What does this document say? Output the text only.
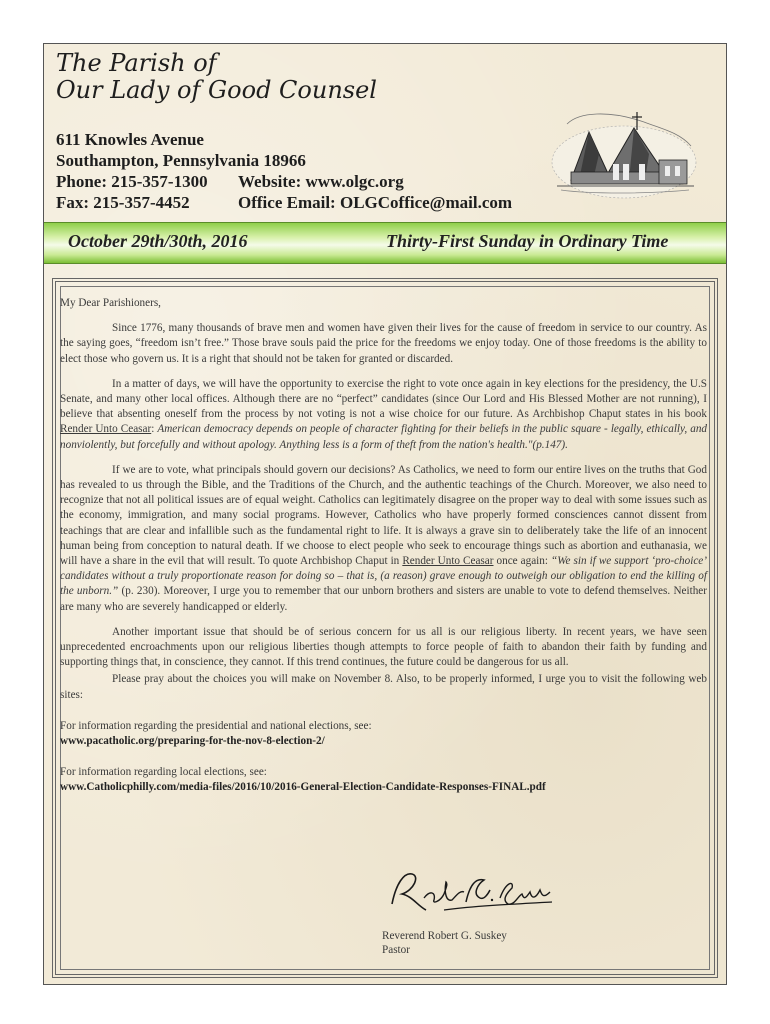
The Parish of
Our Lady of Good Counsel
611 Knowles Avenue
Southampton, Pennsylvania 18966
Phone: 215-357-1300 Website: www.olgc.org
Fax: 215-357-4452	Office Email: OLGCoffice@mail.com
October 29th/30th, 2016	Thirty-First Sunday in Ordinary Time

My Dear Parishioners,

Since 1776, many thousands of brave men and women have given their lives for the cause of freedom in service to our country. As the saying goes, “freedom isn’t free.” Those brave souls paid the price for the freedoms we enjoy today. One of those freedoms is the ability to elect those who govern us. It is a right that should not be taken for granted or discarded.

In a matter of days, we will have the opportunity to exercise the right to vote once again in key elections for the presidency, the U.S Senate, and many other local offices. Although there are no “perfect” candidates (since Our Lord and His Blessed Mother are not running), I believe that absenting oneself from the process by not voting is not a wise choice for our future. As Archbishop Chaput states in his book Render Unto Ceasar: American democracy depends on people of character fighting for their beliefs in the public square - legally, ethically, and nonviolently, but forcefully and without apology. Anything less is a form of theft from the nation's health."(p.147).

If we are to vote, what principals should govern our decisions? As Catholics, we need to form our entire lives on the truths that God has revealed to us through the Bible, and the Traditions of the Church, and the authentic teachings of the Church. Moreover, we also need to recognize that not all political issues are of equal weight. Catholics can legitimately disagree on the proper way to deal with some issues such as the economy, immigration, and many social programs. However, Catholics who have properly formed consciences cannot dissent from teachings that are clear and infallible such as the fundamental right to life. It is always a grave sin to deliberately take the life of an innocent human being from conception to natural death. If we choose to elect people who seek to encourage things such as abortion and euthanasia, we will have a share in the evil that will result. To quote Archbishop Chaput in Render Unto Ceasar once again: “We sin if we support ‘pro-choice’ candidates without a truly proportionate reason for doing so – that is, (a reason) grave enough to outweigh our obligation to end the killing of the unborn.” (p. 230). Moreover, I urge you to remember that our unborn brothers and sisters are unable to vote to defend themselves. Neither are many who are severely handicapped or elderly.

Another important issue that should be of serious concern for us all is our religious liberty. In recent years, we have seen unprecedented encroachments upon our religious liberties though attempts to force people of faith to abandon their faith by funding and supporting things that, in conscience, they cannot. If this trend continues, the future could be dangerous for us all.

Please pray about the choices you will make on November 8. Also, to be properly informed, I urge you to visit the following web sites:

For information regarding the presidential and national elections, see:
www.pacatholic.org/preparing-for-the-nov-8-election-2/

For information regarding local elections, see:
www.Catholicphilly.com/media-files/2016/10/2016-General-Election-Candidate-Responses-FINAL.pdf

Reverend Robert G. Suskey
Pastor
